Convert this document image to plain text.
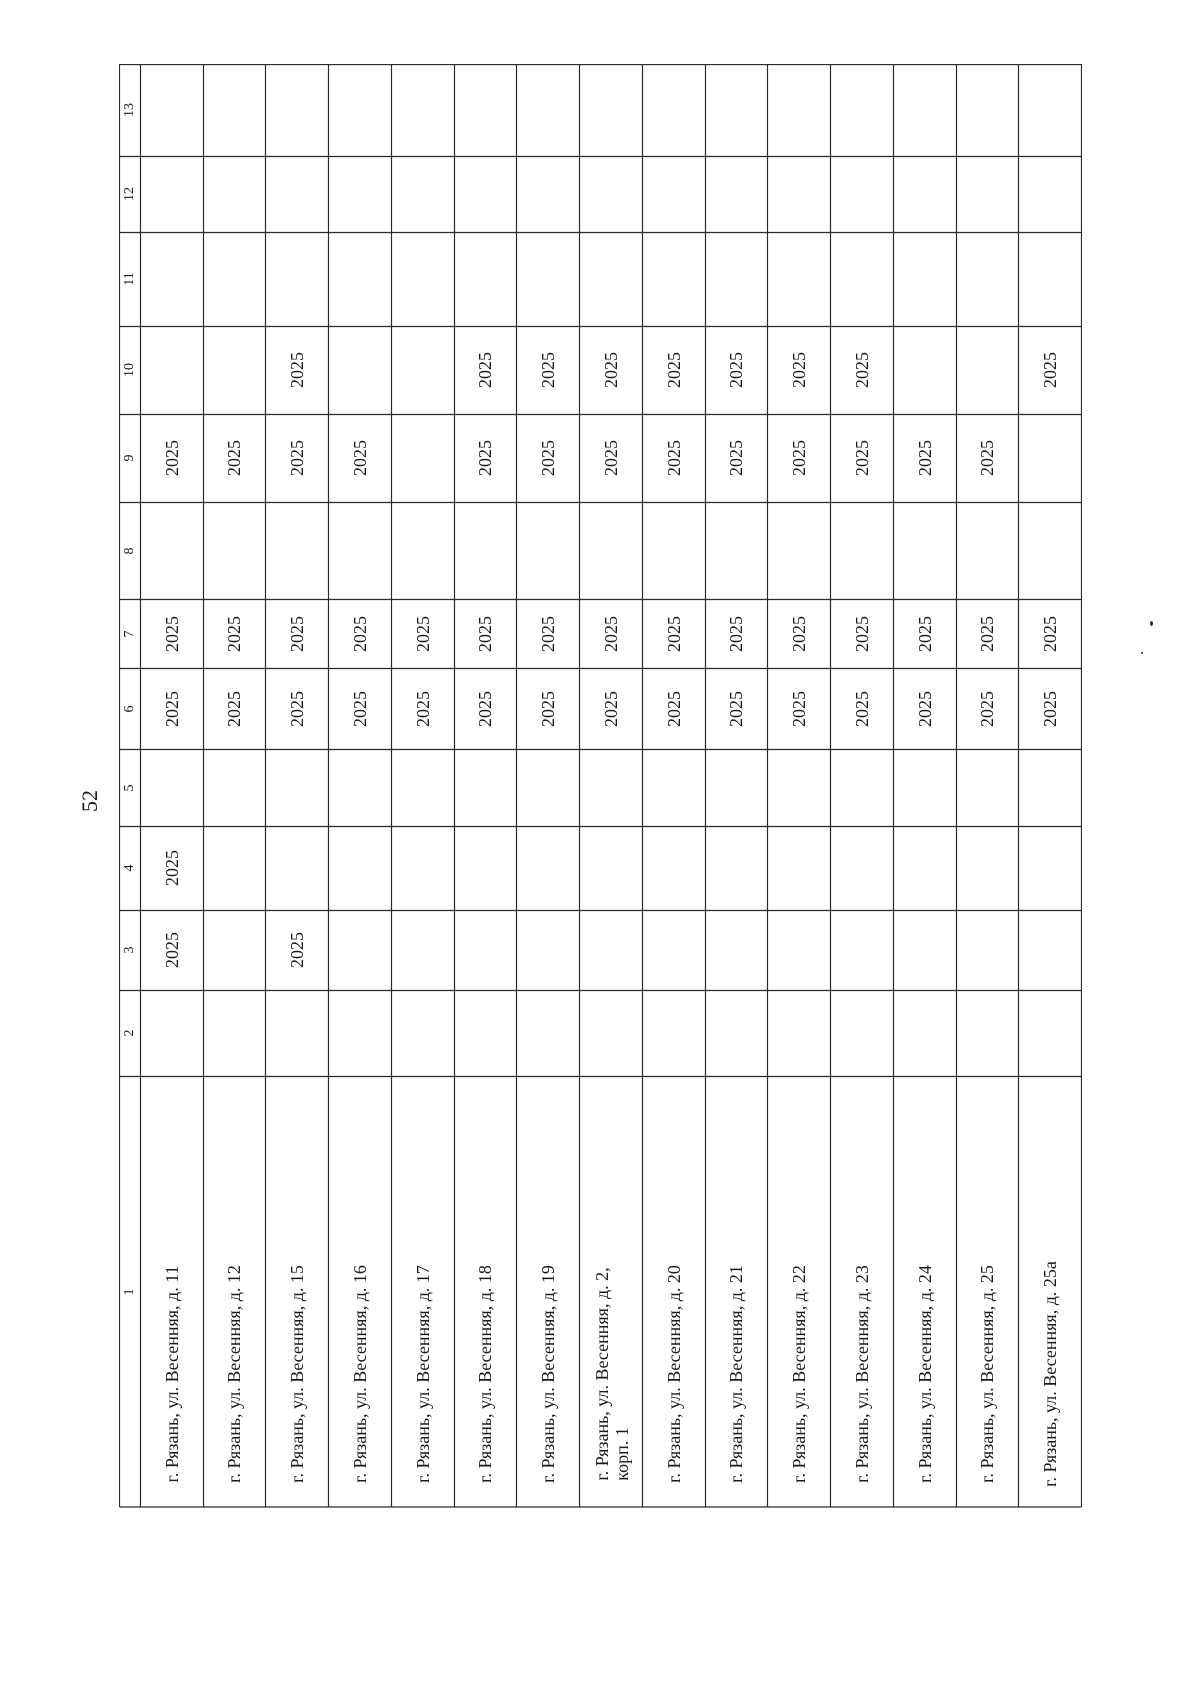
52
1
2
3
4
5
6
7
8
9
10
11
12
13
г. Рязань, ул. Весенняя, д. 11
2025
2025
2025
2025
2025
г. Рязань, ул. Весенняя, д. 12
2025
2025
2025
г. Рязань, ул. Весенняя, д. 15
2025
2025
2025
2025
2025
г. Рязань, ул. Весенняя, д. 16
2025
2025
2025
г. Рязань, ул. Весенняя, д. 17
2025
2025
г. Рязань, ул. Весенняя, д. 18
2025
2025
2025
2025
г. Рязань, ул. Весенняя, д. 19
2025
2025
2025
2025
г. Рязань, ул. Весенняя, д. 2, корп. 1
2025
2025
2025
2025
г. Рязань, ул. Весенняя, д. 20
2025
2025
2025
2025
г. Рязань, ул. Весенняя, д. 21
2025
2025
2025
2025
г. Рязань, ул. Весенняя, д. 22
2025
2025
2025
2025
г. Рязань, ул. Весенняя, д. 23
2025
2025
2025
2025
г. Рязань, ул. Весенняя, д. 24
2025
2025
2025
г. Рязань, ул. Весенняя, д. 25
2025
2025
2025
г. Рязань, ул. Весенняя, д. 25а
2025
2025
2025
